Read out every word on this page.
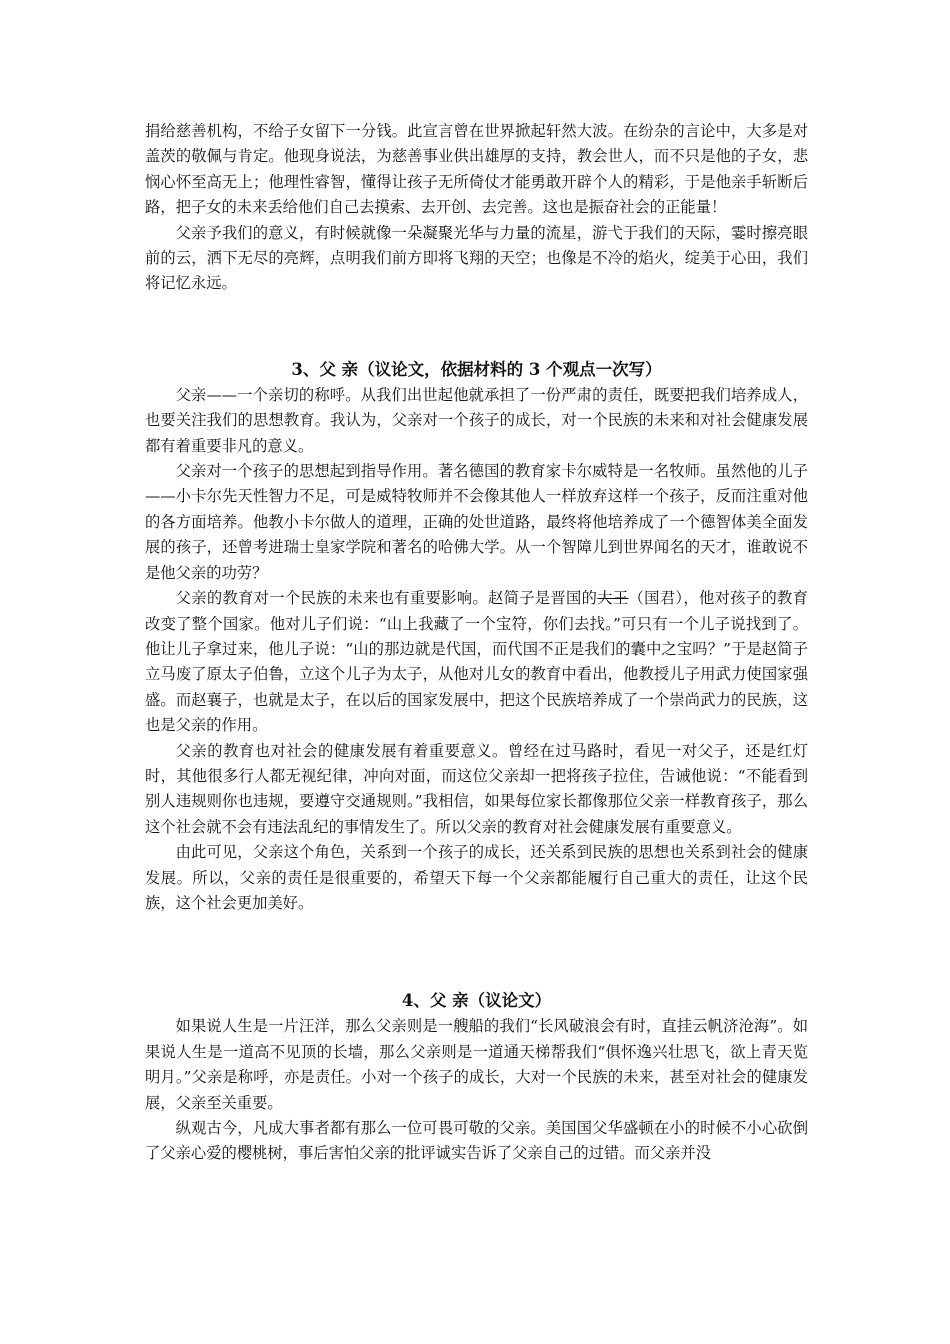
捐给慈善机构，不给子女留下一分钱。此宣言曾在世界掀起轩然大波。在纷杂的言论中，大多是对盖茨的敬佩与肯定。他现身说法，为慈善事业供出雄厚的支持，教会世人，而不只是他的子女，悲悯心怀至高无上；他理性睿智，懂得让孩子无所倚仗才能勇敢开辟个人的精彩，于是他亲手斩断后路，把子女的未来丢给他们自己去摸索、去开创、去完善。这也是振奋社会的正能量！

父亲予我们的意义，有时候就像一朵凝聚光华与力量的流星，游弋于我们的天际，霎时擦亮眼前的云，洒下无尽的亮辉，点明我们前方即将飞翔的天空；也像是不冷的焰火，绽美于心田，我们将记忆永远。

3、父 亲（议论文，依据材料的 3 个观点一次写）

父亲——一个亲切的称呼。从我们出世起他就承担了一份严肃的责任，既要把我们培养成人，也要关注我们的思想教育。我认为，父亲对一个孩子的成长，对一个民族的未来和对社会健康发展都有着重要非凡的意义。

父亲对一个孩子的思想起到指导作用。著名德国的教育家卡尔威特是一名牧师。虽然他的儿子——小卡尔先天性智力不足，可是威特牧师并不会像其他人一样放弃这样一个孩子，反而注重对他的各方面培养。他教小卡尔做人的道理，正确的处世道路，最终将他培养成了一个德智体美全面发展的孩子，还曾考进瑞士皇家学院和著名的哈佛大学。从一个智障儿到世界闻名的天才，谁敢说不是他父亲的功劳？

父亲的教育对一个民族的未来也有重要影响。赵简子是晋国的大王（国君），他对孩子的教育改变了整个国家。他对儿子们说：“山上我藏了一个宝符，你们去找。”可只有一个儿子说找到了。他让儿子拿过来，他儿子说：“山的那边就是代国，而代国不正是我们的囊中之宝吗？”于是赵简子立马废了原太子伯鲁，立这个儿子为太子，从他对儿女的教育中看出，他教授儿子用武力使国家强盛。而赵襄子，也就是太子，在以后的国家发展中，把这个民族培养成了一个崇尚武力的民族，这也是父亲的作用。

父亲的教育也对社会的健康发展有着重要意义。曾经在过马路时，看见一对父子，还是红灯时，其他很多行人都无视纪律，冲向对面，而这位父亲却一把将孩子拉住，告诫他说：“不能看到别人违规则你也违规，要遵守交通规则。”我相信，如果每位家长都像那位父亲一样教育孩子，那么这个社会就不会有违法乱纪的事情发生了。所以父亲的教育对社会健康发展有重要意义。

由此可见，父亲这个角色，关系到一个孩子的成长，还关系到民族的思想也关系到社会的健康发展。所以，父亲的责任是很重要的，希望天下每一个父亲都能履行自己重大的责任，让这个民族，这个社会更加美好。

4、父 亲（议论文）

如果说人生是一片汪洋，那么父亲则是一艘船的我们“长风破浪会有时，直挂云帆济沧海”。如果说人生是一道高不见顶的长墙，那么父亲则是一道通天梯帮我们“俱怀逸兴壮思飞，欲上青天览明月。”父亲是称呼，亦是责任。小对一个孩子的成长，大对一个民族的未来，甚至对社会的健康发展，父亲至关重要。

纵观古今，凡成大事者都有那么一位可畏可敬的父亲。美国国父华盛顿在小的时候不小心砍倒了父亲心爱的樱桃树，事后害怕父亲的批评诚实告诉了父亲自己的过错。而父亲并没
